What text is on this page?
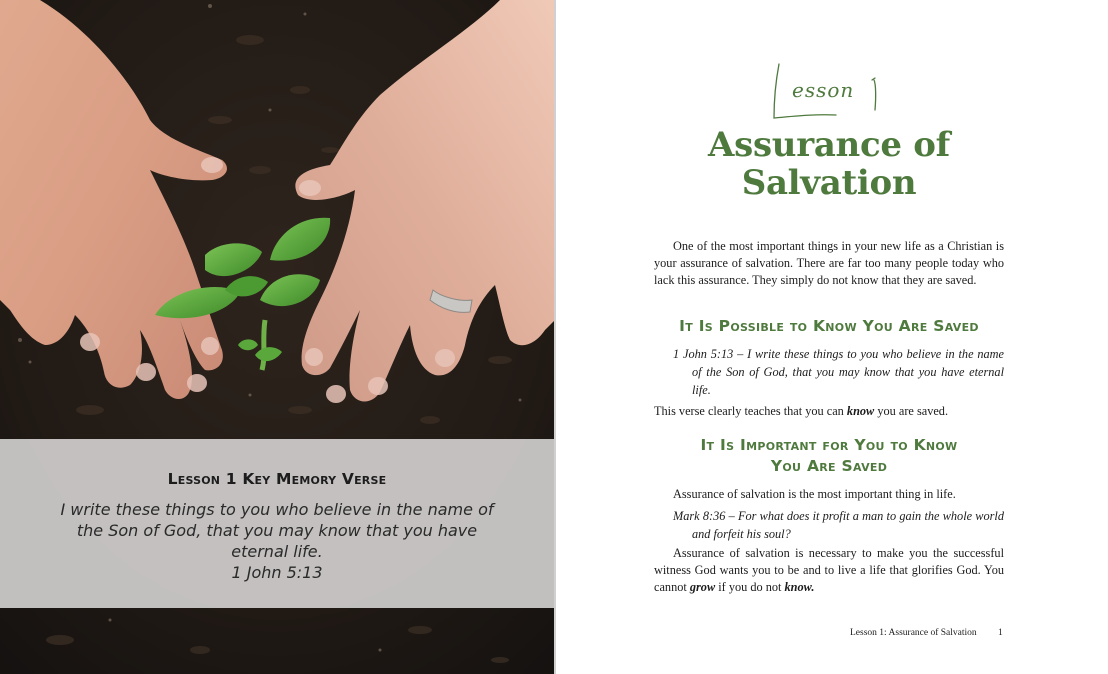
Lesson 1 Key Memory Verse
I write these things to you who believe in the name of the Son of God, that you may know that you have eternal life.
1 John 5:13
esson
Assurance of
Salvation

One of the most important things in your new life as a Christian is your assurance of salvation. There are far too many people today who lack this assurance. They simply do not know that they are saved.

It Is Possible to Know You Are Saved

1 John 5:13 – I write these things to you who believe in the name of the Son of God, that you may know that you have eternal life.

This verse clearly teaches that you can know you are saved.

It Is Important for You to Know
You Are Saved

Assurance of salvation is the most important thing in life.

Mark 8:36 – For what does it profit a man to gain the whole world and forfeit his soul?

Assurance of salvation is necessary to make you the successful witness God wants you to be and to live a life that glorifies God. You cannot grow if you do not know.

Lesson 1: Assurance of Salvation 1
